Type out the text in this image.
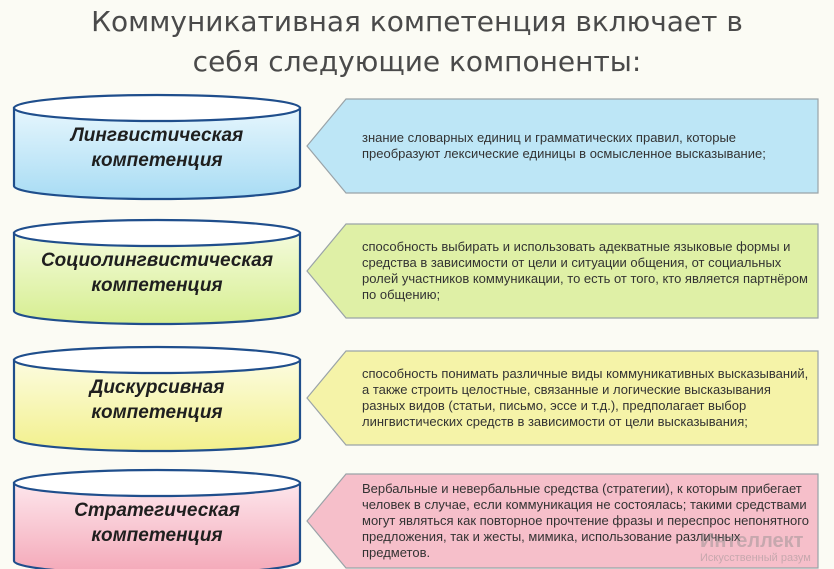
Коммуникативная компетенция включает в
себя следующие компоненты:
Лингвистическая
компетенция
Социолингвистическая
компетенция
Дискурсивная
компетенция
Стратегическая
компетенция
знание словарных единиц и грамматических правил, которые преобразуют лексические единицы в осмысленное высказывание;
способность выбирать и использовать адекватные языковые формы и средства в зависимости от цели и ситуации общения, от социальных ролей участников коммуникации, то есть от того, кто является партнёром по общению;
способность понимать различные виды коммуникативных высказываний, а также строить целостные, связанные и логические высказывания разных видов (статьи, письмо, эссе и т.д.), предполагает выбор лингвистических средств в зависимости от цели высказывания;
Вербальные и невербальные средства (стратегии), к которым прибегает человек в случае, если коммуникация не состоялась; такими средствами могут являться как повторное прочтение фразы и переспрос непонятного предложения, так и жесты, мимика, использование различных предметов.
Интеллект
Искусственный разум
